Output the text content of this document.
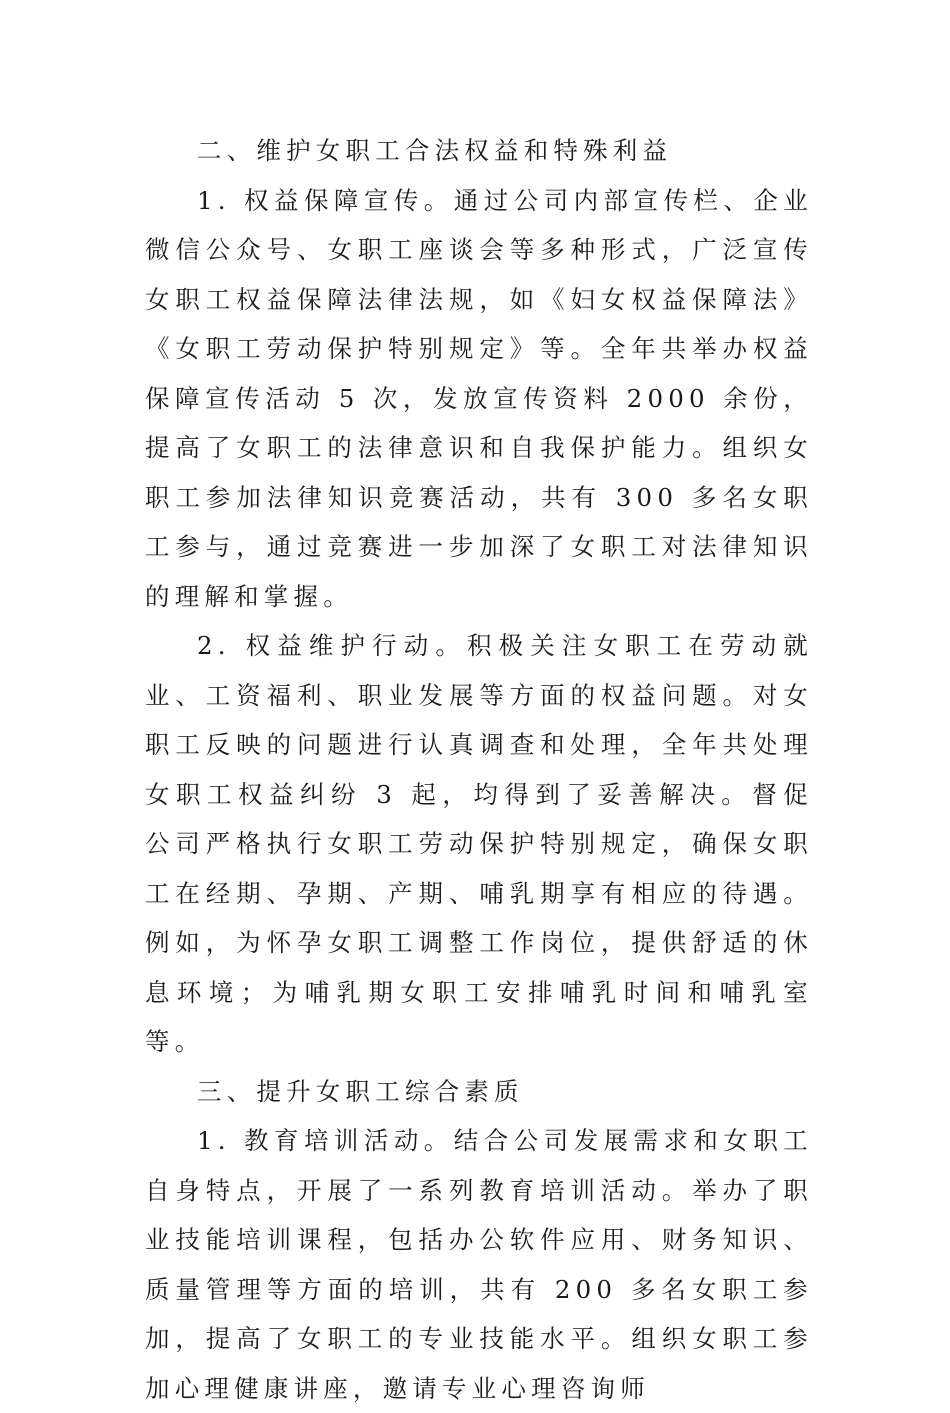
二、维护女职工合法权益和特殊利益

1. 权益保障宣传。通过公司内部宣传栏、企业微信公众号、女职工座谈会等多种形式，广泛宣传女职工权益保障法律法规，如《妇女权益保障法》《女职工劳动保护特别规定》等。全年共举办权益保障宣传活动 5 次，发放宣传资料 2000 余份，提高了女职工的法律意识和自我保护能力。组织女职工参加法律知识竞赛活动，共有 300 多名女职工参与，通过竞赛进一步加深了女职工对法律知识的理解和掌握。

2. 权益维护行动。积极关注女职工在劳动就业、工资福利、职业发展等方面的权益问题。对女职工反映的问题进行认真调查和处理，全年共处理女职工权益纠纷 3 起，均得到了妥善解决。督促公司严格执行女职工劳动保护特别规定，确保女职工在经期、孕期、产期、哺乳期享有相应的待遇。例如，为怀孕女职工调整工作岗位，提供舒适的休息环境；为哺乳期女职工安排哺乳时间和哺乳室等。

三、提升女职工综合素质

1. 教育培训活动。结合公司发展需求和女职工自身特点，开展了一系列教育培训活动。举办了职业技能培训课程，包括办公软件应用、财务知识、质量管理等方面的培训，共有 200 多名女职工参加，提高了女职工的专业技能水平。组织女职工参加心理健康讲座，邀请专业心理咨询师
